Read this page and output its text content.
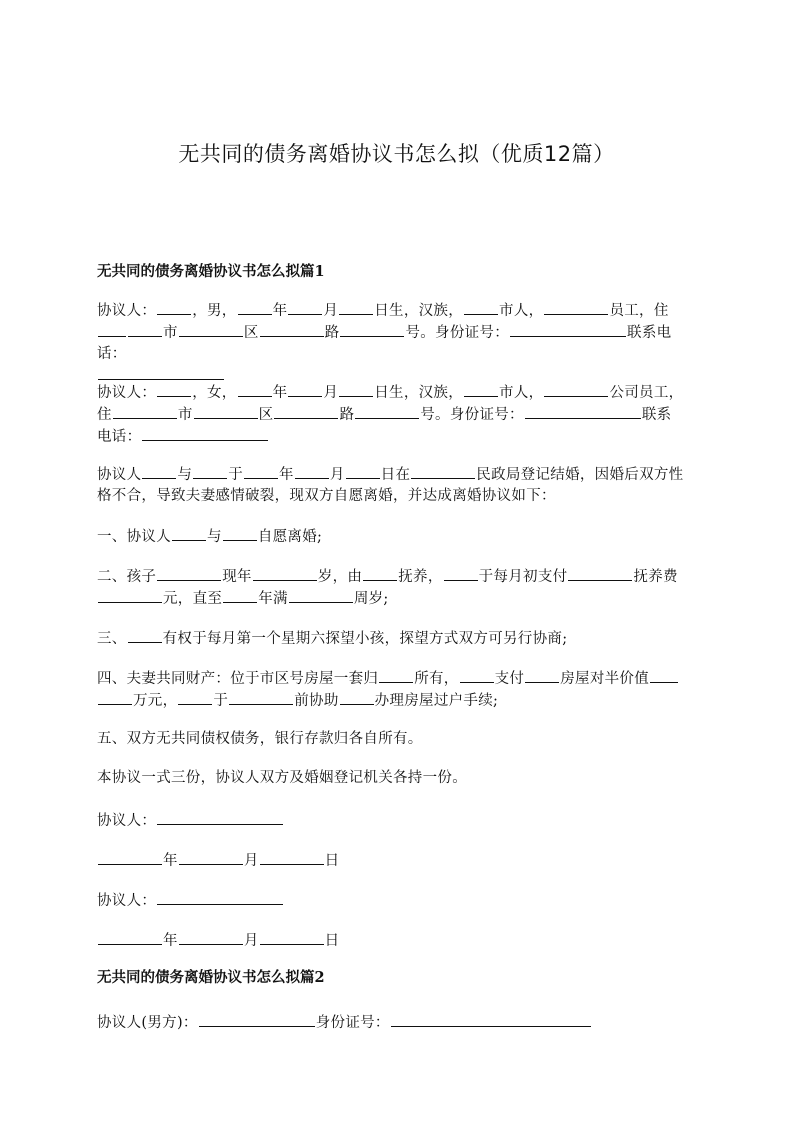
无共同的债务离婚协议书怎么拟（优质12篇）
无共同的债务离婚协议书怎么拟篇1

协议人： ，男， 年 月 日生，汉族， 市人，	员工，住市	区	路	号。身份证号：	联系电话：

协议人： ，女， 年 月 日生，汉族， 市人，	公司员工，
住	市	区	路	号。身份证号：	联系
电话：

协议人 与 于 年 月 日在	民政局登记结婚，因婚后双方性
格不合，导致夫妻感情破裂，现双方自愿离婚，并达成离婚协议如下：

一、协议人 与 自愿离婚;

二、孩子	现年	岁，由 抚养， 于每月初支付	抚养费
元，直至 年满	周岁;

三、 有权于每月第一个星期六探望小孩，探望方式双方可另行协商;

四、夫妻共同财产：位于市区号房屋一套归 所有， 支付 房屋对半价值
万元， 于	前协助 办理房屋过户手续;

五、双方无共同债权债务，银行存款归各自所有。

本协议一式三份，协议人双方及婚姻登记机关各持一份。

协议人：

年	月	日

协议人：

年	月	日

无共同的债务离婚协议书怎么拟篇2

协议人(男方)：	身份证号：
